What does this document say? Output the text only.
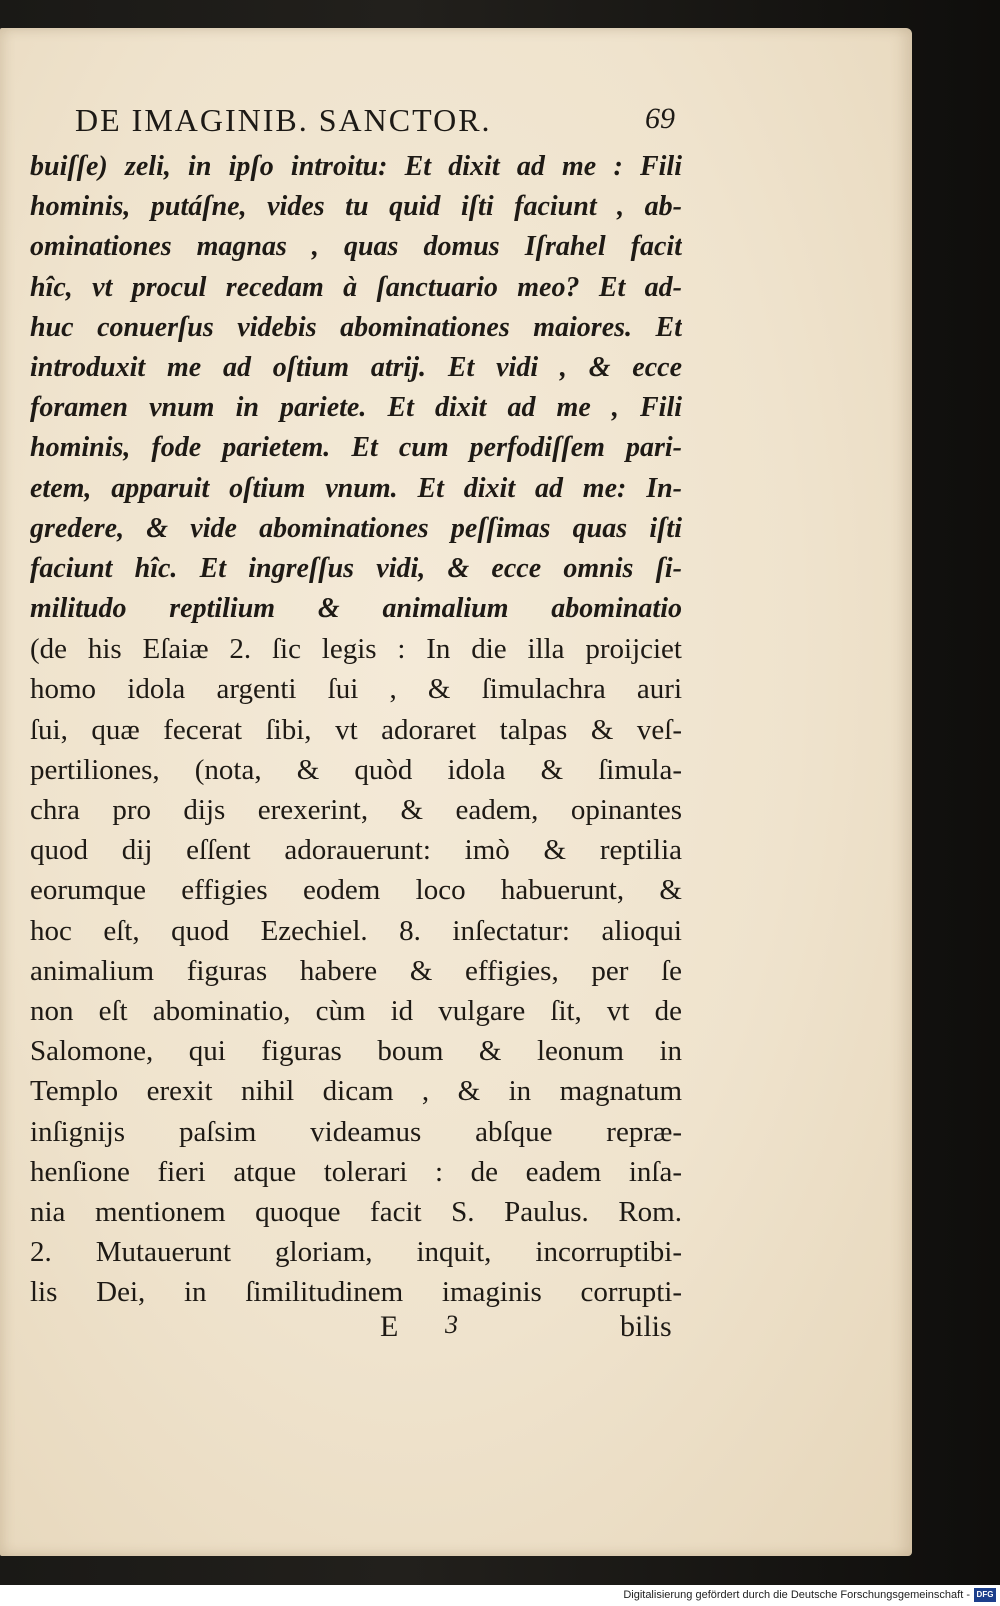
DE IMAGINIB. SANCTOR.	69
buiſſe) zeli, in ipſo introitu: Et dixit ad me : Fili
hominis, putáſne, vides tu quid iſti faciunt , ab-
ominationes magnas , quas domus Iſrahel facit
hîc, vt procul recedam à ſanctuario meo? Et ad-
huc conuerſus videbis abominationes maiores. Et
introduxit me ad oſtium atrij. Et vidi , & ecce
foramen vnum in pariete. Et dixit ad me , Fili
hominis, fode parietem. Et cum perfodiſſem pari-
etem, apparuit oſtium vnum. Et dixit ad me: In-
gredere, & vide abominationes peſſimas quas iſti
faciunt hîc. Et ingreſſus vidi, & ecce omnis ſi-
militudo reptilium & animalium abominatio
(de his Eſaiæ 2. ſic legis : In die illa proijciet
homo idola argenti ſui , & ſimulachra auri
ſui, quæ fecerat ſibi, vt adoraret talpas & veſ-
pertiliones, (nota, & quòd idola & ſimula-
chra pro dijs erexerint, & eadem, opinantes
quod dij eſſent adorauerunt: imò & reptilia
eorumque effigies eodem loco habuerunt, &
hoc eſt, quod Ezechiel. 8. inſectatur: alioqui
animalium figuras habere & effigies, per ſe
non eſt abominatio, cùm id vulgare ſit, vt de
Salomone, qui figuras boum & leonum in
Templo erexit nihil dicam , & in magnatum
inſignijs paſsim videamus abſque repræ-
henſione fieri atque tolerari : de eadem inſa-
nia mentionem quoque facit S. Paulus. Rom.
2. Mutauerunt gloriam, inquit, incorruptibi-
lis Dei, in ſimilitudinem imaginis corrupti-
E 3	bilis
Digitalisierung gefördert durch die Deutsche Forschungsgemeinschaft - DFG
